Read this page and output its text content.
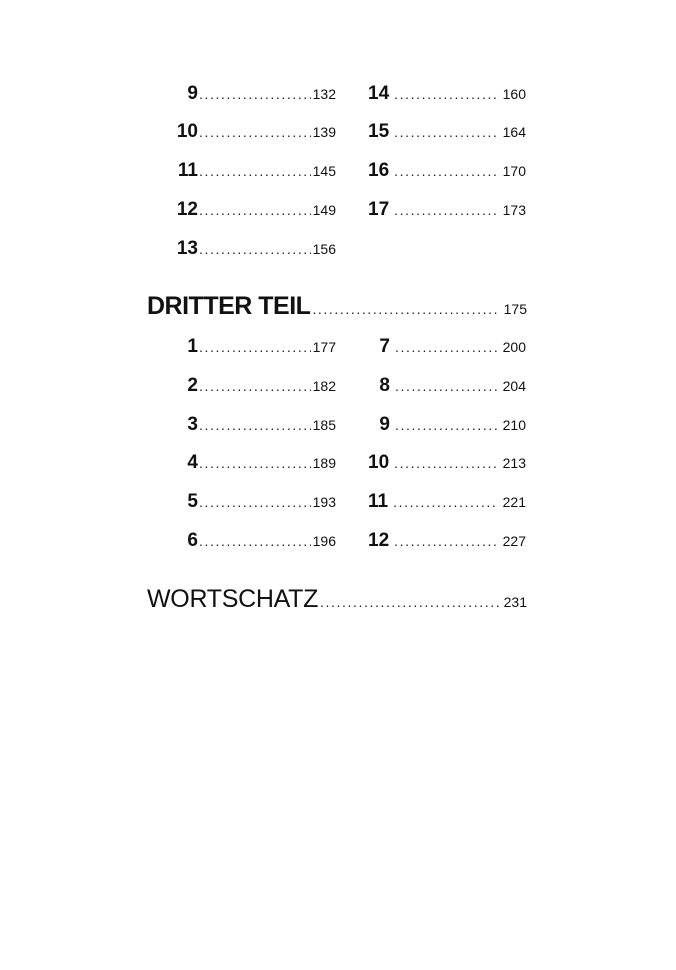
9 .....	132
10 .....	139
11 .....	145
12 .....	149
13 .....	156
14 .....	160
15 .....	164
16 .....	170
17 .....	173
DRITTER TEIL .....	175
1 .....	177
2 .....	182
3 .....	185
4 .....	189
5 .....	193
6 .....	196
7 .....	200
8 .....	204
9 .....	210
10 .....	213
11 .....	221
12 .....	227
WORTSCHATZ .....	231
